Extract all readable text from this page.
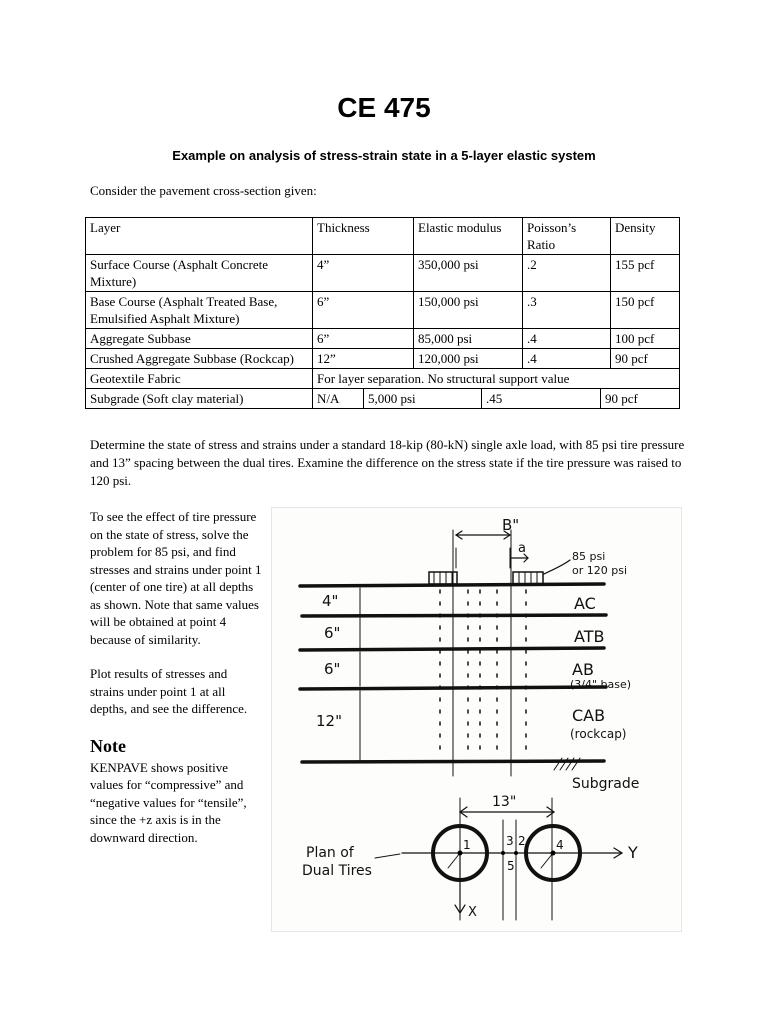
CE 475
Example on analysis of stress-strain state in a 5-layer elastic system
Consider the pavement cross-section given:
Layer	Thickness	Elastic modulus	Poisson’s Ratio	Density
Surface Course (Asphalt Concrete Mixture)	4”	350,000 psi	.2	155 pcf
Base Course (Asphalt Treated Base, Emulsified Asphalt Mixture)	6”	150,000 psi	.3	150 pcf
Aggregate Subbase	6”	85,000 psi	.4	100 pcf
Crushed Aggregate Subbase (Rockcap)	12”	120,000 psi	.4	90 pcf
Geotextile Fabric	For layer separation. No structural support value			
Subgrade (Soft clay material)	N/A 5,000 psi .45 90 pcf			
Determine the state of stress and strains under a standard 18-kip (80-kN) single axle load, with 85 psi tire pressure and 13” spacing between the dual tires. Examine the difference on the stress state if the tire pressure was raised to 120 psi.

To see the effect of tire pressure on the state of stress, solve the problem for 85 psi, and find stresses and strains under point 1 (center of one tire) at all depths as shown. Note that same values will be obtained at point 4 because of similarity.

Plot results of stresses and strains under point 1 at all depths, and see the difference.

Note
KENPAVE shows positive values for “compressive” and “negative values for “tensile”, since the +z axis is in the downward direction.
B"
a
85 psi
or 120 psi
4"
6"
6"
12"
AC
ATB
AB
(3/4" base)
CAB
(rockcap)
Subgrade
13"
Plan of
Dual Tires
1	3 2
5
4	Y
X
